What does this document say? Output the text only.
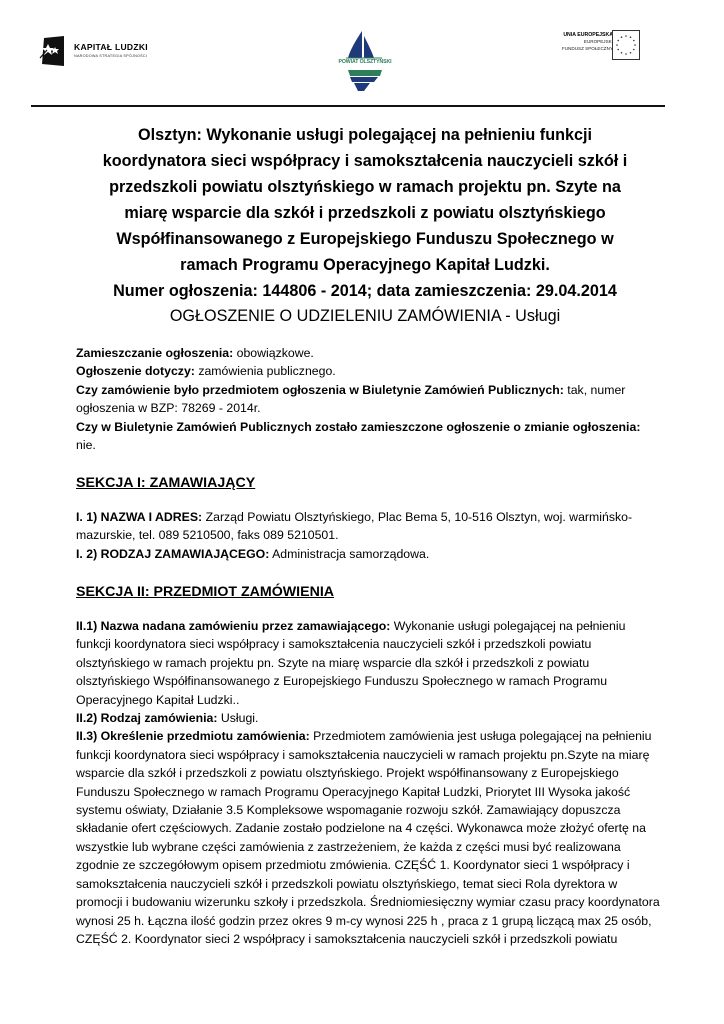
KAPITAŁ LUDZKI
NARODOWA STRATEGIA SPÓJNOŚCI
POWIAT OLSZTYŃSKI
UNIA EUROPEJSKA
EUROPEJSKI
FUNDUSZ SPOŁECZNY
Olsztyn: Wykonanie usługi polegającej na pełnieniu funkcji
koordynatora sieci współpracy i samokształcenia nauczycieli szkół i
przedszkoli powiatu olsztyńskiego w ramach projektu pn. Szyte na
miarę wsparcie dla szkół i przedszkoli z powiatu olsztyńskiego
Współfinansowanego z Europejskiego Funduszu Społecznego w
ramach Programu Operacyjnego Kapitał Ludzki.
Numer ogłoszenia: 144806 - 2014; data zamieszczenia: 29.04.2014
OGŁOSZENIE O UDZIELENIU ZAMÓWIENIA - Usługi
Zamieszczanie ogłoszenia: obowiązkowe.
Ogłoszenie dotyczy: zamówienia publicznego.
Czy zamówienie było przedmiotem ogłoszenia w Biuletynie Zamówień Publicznych: tak, numer
ogłoszenia w BZP: 78269 - 2014r.
Czy w Biuletynie Zamówień Publicznych zostało zamieszczone ogłoszenie o zmianie ogłoszenia:
nie.
SEKCJA I: ZAMAWIAJĄCY
I. 1) NAZWA I ADRES: Zarząd Powiatu Olsztyńskiego, Plac Bema 5, 10-516 Olsztyn, woj. warmińsko-
mazurskie, tel. 089 5210500, faks 089 5210501.
I. 2) RODZAJ ZAMAWIAJĄCEGO: Administracja samorządowa.
SEKCJA II: PRZEDMIOT ZAMÓWIENIA
II.1) Nazwa nadana zamówieniu przez zamawiającego: Wykonanie usługi polegającej na pełnieniu
funkcji koordynatora sieci współpracy i samokształcenia nauczycieli szkół i przedszkoli powiatu
olsztyńskiego w ramach projektu pn. Szyte na miarę wsparcie dla szkół i przedszkoli z powiatu
olsztyńskiego Współfinansowanego z Europejskiego Funduszu Społecznego w ramach Programu
Operacyjnego Kapitał Ludzki..
II.2) Rodzaj zamówienia: Usługi.
II.3) Określenie przedmiotu zamówienia: Przedmiotem zamówienia jest usługa polegającej na pełnieniu
funkcji koordynatora sieci współpracy i samokształcenia nauczycieli w ramach projektu pn.Szyte na miarę
wsparcie dla szkół i przedszkoli z powiatu olsztyńskiego. Projekt współfinansowany z Europejskiego
Funduszu Społecznego w ramach Programu Operacyjnego Kapitał Ludzki, Priorytet III Wysoka jakość
systemu oświaty, Działanie 3.5 Kompleksowe wspomaganie rozwoju szkół. Zamawiający dopuszcza
składanie ofert częściowych. Zadanie zostało podzielone na 4 części. Wykonawca może złożyć ofertę na
wszystkie lub wybrane części zamówienia z zastrzeżeniem, że każda z części musi być realizowana
zgodnie ze szczegółowym opisem przedmiotu zmówienia. CZĘŚĆ 1. Koordynator sieci 1 współpracy i
samokształcenia nauczycieli szkół i przedszkoli powiatu olsztyńskiego, temat sieci Rola dyrektora w
promocji i budowaniu wizerunku szkoły i przedszkola. Średniomiesięczny wymiar czasu pracy koordynatora
wynosi 25 h. Łączna ilość godzin przez okres 9 m-cy wynosi 225 h , praca z 1 grupą liczącą max 25 osób,
CZĘŚĆ 2. Koordynator sieci 2 współpracy i samokształcenia nauczycieli szkół i przedszkoli powiatu
